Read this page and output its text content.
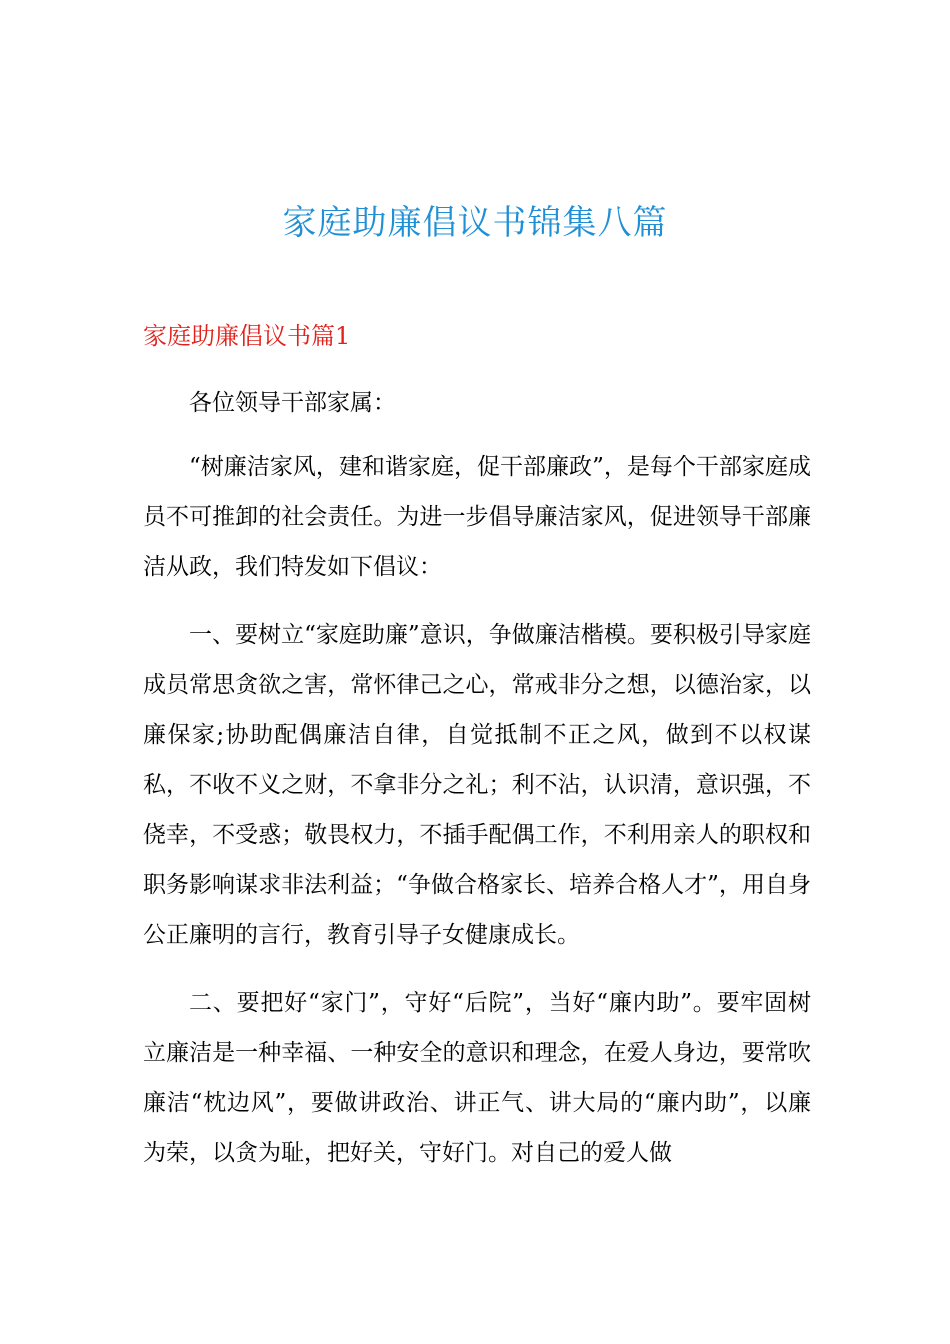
家庭助廉倡议书锦集八篇
家庭助廉倡议书篇1

各位领导干部家属：

“树廉洁家风，建和谐家庭，促干部廉政”，是每个干部家庭成员不可推卸的社会责任。为进一步倡导廉洁家风，促进领导干部廉洁从政，我们特发如下倡议：

一、要树立“家庭助廉”意识，争做廉洁楷模。要积极引导家庭成员常思贪欲之害，常怀律己之心，常戒非分之想，以德治家，以廉保家;协助配偶廉洁自律，自觉抵制不正之风，做到不以权谋私，不收不义之财，不拿非分之礼；利不沾，认识清，意识强，不侥幸，不受惑；敬畏权力，不插手配偶工作，不利用亲人的职权和职务影响谋求非法利益；“争做合格家长、培养合格人才”，用自身公正廉明的言行，教育引导子女健康成长。

二、要把好“家门”，守好“后院”，当好“廉内助”。要牢固树立廉洁是一种幸福、一种安全的意识和理念，在爱人身边，要常吹廉洁“枕边风”，要做讲政治、讲正气、讲大局的“廉内助”，以廉为荣，以贪为耻，把好关，守好门。对自己的爱人做
